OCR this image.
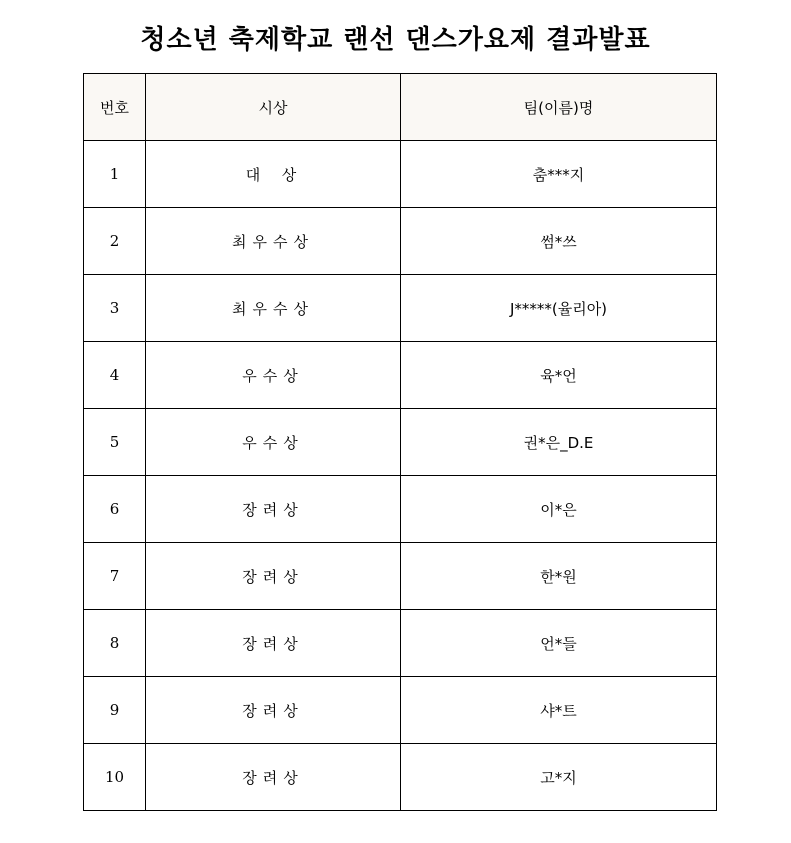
청소년 축제학교 랜선 댄스가요제 결과발표
번호	시상	팀(이름)명
1	대  상	춤***지
2	최우수상	썸*쓰
3	최우수상	J*****(율리아)
4	우수상	육*언
5	우수상	권*은_D.E
6	장려상	이*은
7	장려상	한*원
8	장려상	언*들
9	장려상	샤*트
10	장려상	고*지
